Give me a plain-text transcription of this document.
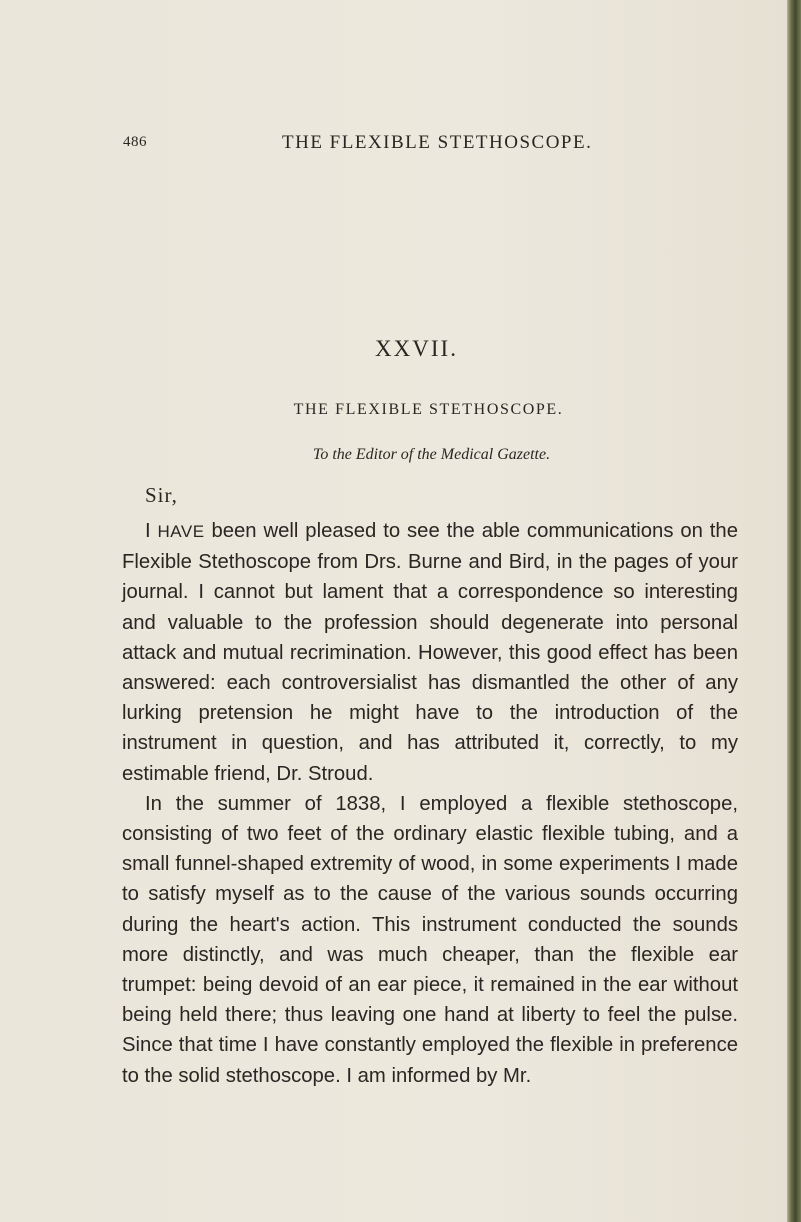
486	THE FLEXIBLE STETHOSCOPE.
XXVII.
THE FLEXIBLE STETHOSCOPE.
To the Editor of the Medical Gazette.
Sir,

I HAVE been well pleased to see the able communications on the Flexible Stethoscope from Drs. Burne and Bird, in the pages of your journal. I cannot but lament that a correspondence so interesting and valuable to the profession should degenerate into personal attack and mutual recrimination. However, this good effect has been answered: each controversialist has dismantled the other of any lurking pretension he might have to the introduction of the instrument in question, and has attributed it, correctly, to my estimable friend, Dr. Stroud.

In the summer of 1838, I employed a flexible stethoscope, consisting of two feet of the ordinary elastic flexible tubing, and a small funnel-shaped extremity of wood, in some experiments I made to satisfy myself as to the cause of the various sounds occurring during the heart's action. This instrument conducted the sounds more distinctly, and was much cheaper, than the flexible ear trumpet: being devoid of an ear piece, it remained in the ear without being held there; thus leaving one hand at liberty to feel the pulse. Since that time I have constantly employed the flexible in preference to the solid stethoscope. I am informed by Mr.
